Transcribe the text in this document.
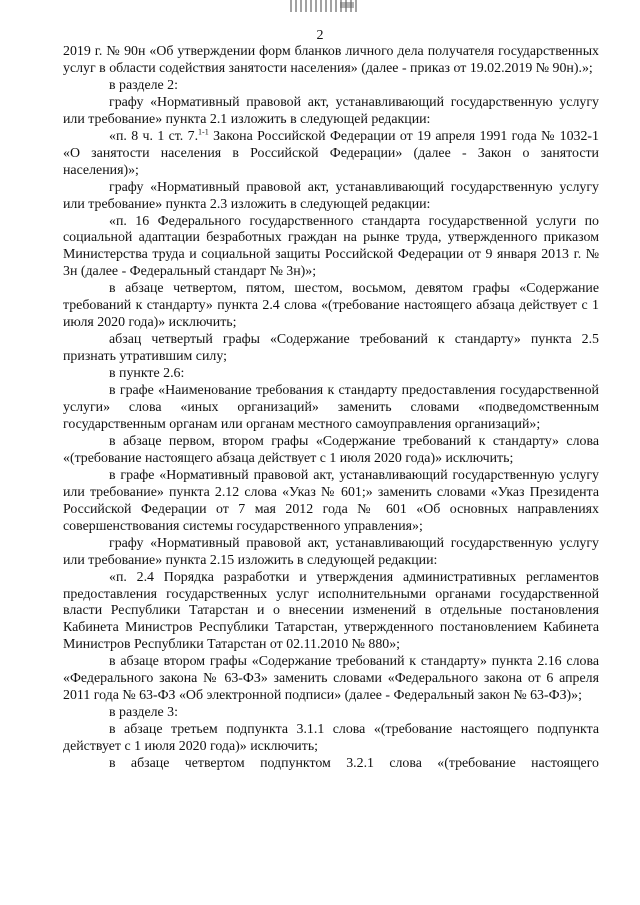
2

2019 г. № 90н «Об утверждении форм бланков личного дела получателя государственных услуг в области содействия занятости населения» (далее - приказ от 19.02.2019 № 90н).»;

в разделе 2:

графу «Нормативный правовой акт, устанавливающий государственную услугу или требование» пункта 2.1 изложить в следующей редакции:

«п. 8 ч. 1 ст. 7.$^{1-1}$ Закона Российской Федерации от 19 апреля 1991 года № 1032-1 «О занятости населения в Российской Федерации» (далее - Закон о занятости населения)»;

графу «Нормативный правовой акт, устанавливающий государственную услугу или требование» пункта 2.3 изложить в следующей редакции:

«п. 16 Федерального государственного стандарта государственной услуги по социальной адаптации безработных граждан на рынке труда, утвержденного приказом Министерства труда и социальной защиты Российской Федерации от 9 января 2013 г. № 3н (далее - Федеральный стандарт № 3н)»;

в абзаце четвертом, пятом, шестом, восьмом, девятом графы «Содержание требований к стандарту» пункта 2.4 слова «(требование настоящего абзаца действует с 1 июля 2020 года)» исключить;

абзац четвертый графы «Содержание требований к стандарту» пункта 2.5 признать утратившим силу;

в пункте 2.6:

в графе «Наименование требования к стандарту предоставления государственной услуги» слова «иных организаций» заменить словами «подведомственным государственным органам или органам местного самоуправления организаций»;

в абзаце первом, втором графы «Содержание требований к стандарту» слова «(требование настоящего абзаца действует с 1 июля 2020 года)» исключить;

в графе «Нормативный правовой акт, устанавливающий государственную услугу или требование» пункта 2.12 слова «Указ № 601;» заменить словами «Указ Президента Российской Федерации от 7 мая 2012 года № 601 «Об основных направлениях совершенствования системы государственного управления»;

графу «Нормативный правовой акт, устанавливающий государственную услугу или требование» пункта 2.15 изложить в следующей редакции:

«п. 2.4 Порядка разработки и утверждения административных регламентов предоставления государственных услуг исполнительными органами государственной власти Республики Татарстан и о внесении изменений в отдельные постановления Кабинета Министров Республики Татарстан, утвержденного постановлением Кабинета Министров Республики Татарстан от 02.11.2010 № 880»;

в абзаце втором графы «Содержание требований к стандарту» пункта 2.16 слова «Федерального закона № 63-ФЗ» заменить словами «Федерального закона от 6 апреля 2011 года № 63-ФЗ «Об электронной подписи» (далее - Федеральный закон № 63-ФЗ)»;

в разделе 3:

в абзаце третьем подпункта 3.1.1 слова «(требование настоящего подпункта действует с 1 июля 2020 года)» исключить;

в абзаце четвертом подпунктом 3.2.1 слова «(требование настоящего
